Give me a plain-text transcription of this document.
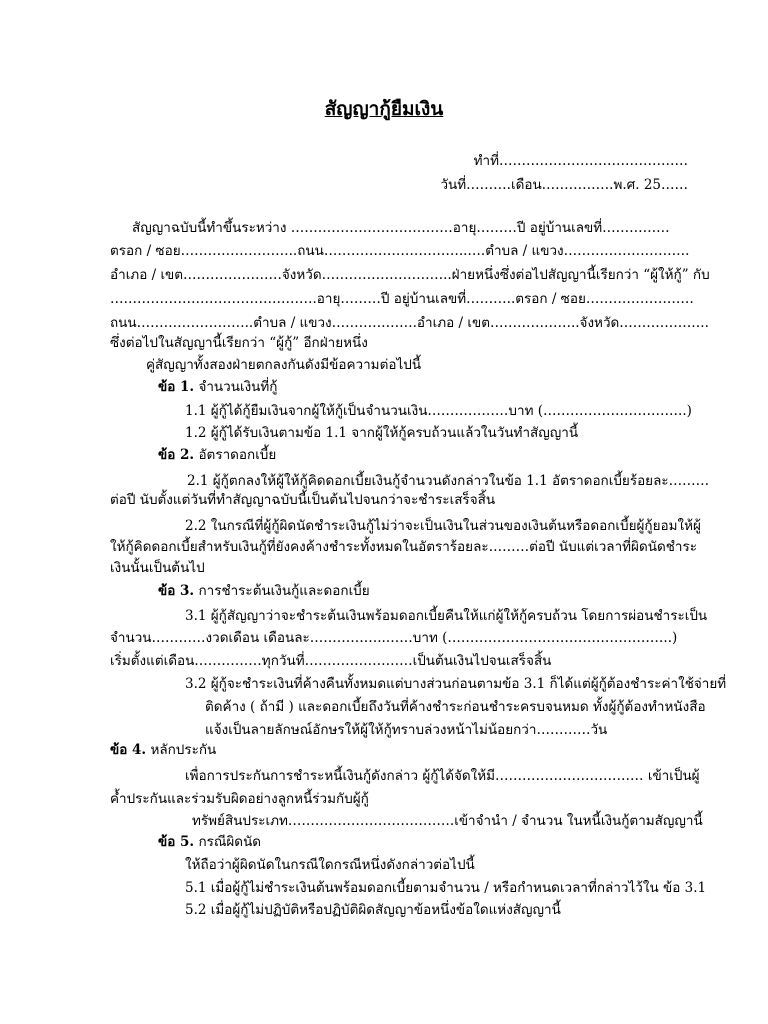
สัญญากู้ยืมเงิน
ทำที่……………………………………
วันที่……….เดือน…………….พ.ศ. 25……
สัญญาฉบับนี้ทำขึ้นระหว่าง ………………………………อายุ………ปี อยู่บ้านเลขที่……………
ตรอก / ซอย……………………..ถนน…………………………..….ตำบล / แขวง……………………….
อำเภอ / เขต………………….จังหวัด………………………..ฝ่ายหนึ่งซึ่งต่อไปสัญญานี้เรียกว่า “ผู้ให้กู้” กับ
……………………………………….อายุ………ปี อยู่บ้านเลขที่………..ตรอก / ซอย……………………
ถนน……………………..ตำบล / แขวง……………….อำเภอ / เขต………………..จังหวัด………………..
ซึ่งต่อไปในสัญญานี้เรียกว่า “ผู้กู้” อีกฝ่ายหนึ่ง
คู่สัญญาทั้งสองฝ่ายตกลงกันดังมีข้อความต่อไปนี้
ข้อ 1. จำนวนเงินที่กู้
1.1 ผู้กู้ได้กู้ยืมเงินจากผู้ให้กู้เป็นจำนวนเงิน………………บาท (…………………………..)
1.2 ผู้กู้ได้รับเงินตามข้อ 1.1 จากผู้ให้กู้ครบถ้วนแล้วในวันทำสัญญานี้
ข้อ 2. อัตราดอกเบี้ย
2.1 ผู้กู้ตกลงให้ผู้ให้กู้คิดดอกเบี้ยเงินกู้จำนวนดังกล่าวในข้อ 1.1 อัตราดอกเบี้ยร้อยละ………
ต่อปี นับตั้งแต่วันที่ทำสัญญาฉบับนี้เป็นต้นไปจนกว่าจะชำระเสร็จสิ้น
2.2 ในกรณีที่ผู้กู้ผิดนัดชำระเงินกู้ไม่ว่าจะเป็นเงินในส่วนของเงินต้นหรือดอกเบี้ยผู้กู้ยอมให้ผู้
ให้กู้คิดดอกเบี้ยสำหรับเงินกู้ที่ยังคงค้างชำระทั้งหมดในอัตราร้อยละ………ต่อปี นับแต่เวลาที่ผิดนัดชำระ
เงินนั้นเป็นต้นไป
ข้อ 3. การชำระต้นเงินกู้และดอกเบี้ย
3.1 ผู้กู้สัญญาว่าจะชำระต้นเงินพร้อมดอกเบี้ยคืนให้แก่ผู้ให้กู้ครบถ้วน โดยการผ่อนชำระเป็น
จำนวน…………งวดเดือน เดือนละ……………..……บาท (…………………………………………..)
เริ่มตั้งแต่เดือน……………ทุกวันที่……………………เป็นต้นเงินไปจนเสร็จสิ้น
3.2 ผู้กู้จะชำระเงินที่ค้างคืนทั้งหมดแต่บางส่วนก่อนตามข้อ 3.1 ก็ได้แต่ผู้กู้ต้องชำระค่าใช้จ่ายที่
ติดค้าง ( ถ้ามี ) และดอกเบี้ยถึงวันที่ค้างชำระก่อนชำระครบจนหมด ทั้งผู้กู้ต้องทำหนังสือ
แจ้งเป็นลายลักษณ์อักษรให้ผู้ให้กู้ทราบล่วงหน้าไม่น้อยกว่า…………วัน
ข้อ 4. หลักประกัน
เพื่อการประกันการชำระหนี้เงินกู้ดังกล่าว ผู้กู้ได้จัดให้มี…………………………… เข้าเป็นผู้
ค้ำประกันและร่วมรับผิดอย่างลูกหนี้ร่วมกับผู้กู้
ทรัพย์สินประเภท……………………………….เข้าจำนำ / จำนวน ในหนี้เงินกู้ตามสัญญานี้
ข้อ 5. กรณีผิดนัด
ให้ถือว่าผู้ผิดนัดในกรณีใดกรณีหนึ่งดังกล่าวต่อไปนี้
5.1 เมื่อผู้กู้ไม่ชำระเงินต้นพร้อมดอกเบี้ยตามจำนวน / หรือกำหนดเวลาที่กล่าวไว้ใน ข้อ 3.1
5.2 เมื่อผู้กู้ไม่ปฏิบัติหรือปฏิบัติผิดสัญญาข้อหนึ่งข้อใดแห่งสัญญานี้
